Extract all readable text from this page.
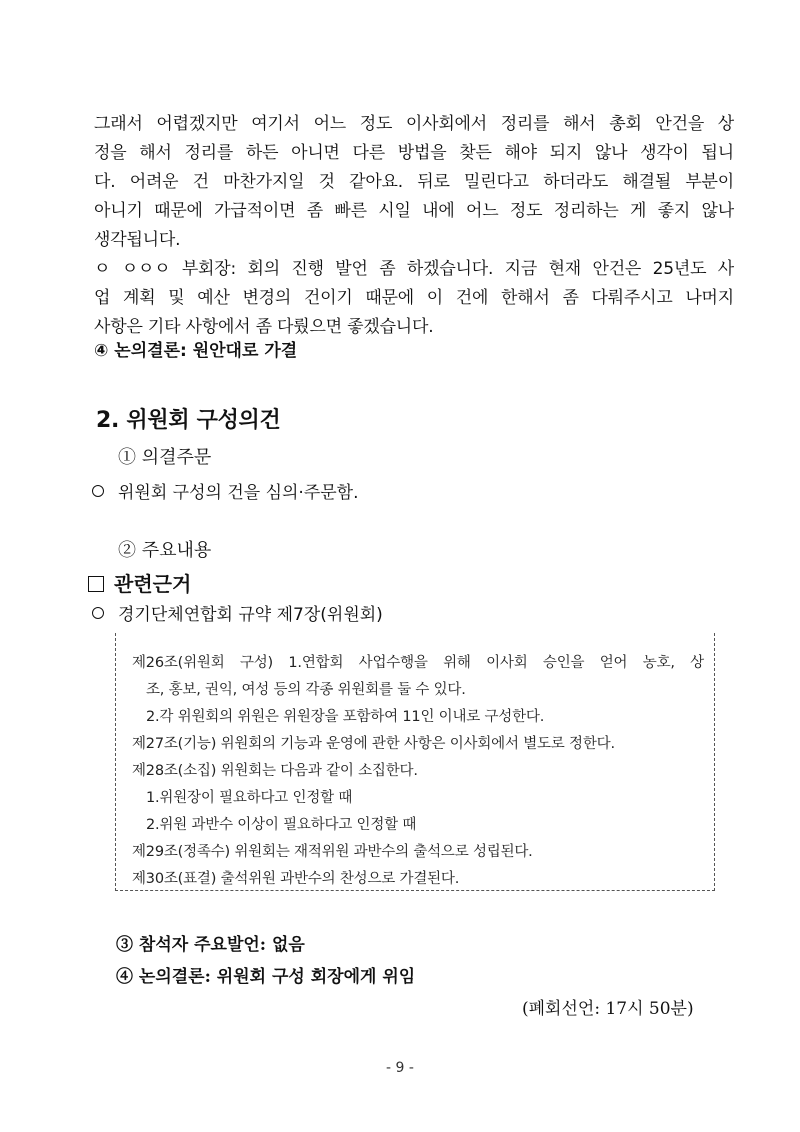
그래서 어렵겠지만 여기서 어느 정도 이사회에서 정리를 해서 총회 안건을 상
정을 해서 정리를 하든 아니면 다른 방법을 찾든 해야 되지 않나 생각이 됩니
다. 어려운 건 마찬가지일 것 같아요. 뒤로 밀린다고 하더라도 해결될 부분이
아니기 때문에 가급적이면 좀 빠른 시일 내에 어느 정도 정리하는 게 좋지 않나
생각됩니다.
ㅇ ㅇㅇㅇ 부회장: 회의 진행 발언 좀 하겠습니다. 지금 현재 안건은 25년도 사
업 계획 및 예산 변경의 건이기 때문에 이 건에 한해서 좀 다뤄주시고 나머지
사항은 기타 사항에서 좀 다뤘으면 좋겠습니다.
④ 논의결론: 원안대로 가결
2. 위원회 구성의건
① 의결주문
위원회 구성의 건을 심의·주문함.
② 주요내용
관련근거
경기단체연합회 규약 제7장(위원회)
제26조(위원회 구성) 1.연합회 사업수행을 위해 이사회 승인을 얻어 농호, 상
조, 홍보, 권익, 여성 등의 각종 위원회를 둘 수 있다.
2.각 위원회의 위원은 위원장을 포함하여 11인 이내로 구성한다.
제27조(기능) 위원회의 기능과 운영에 관한 사항은 이사회에서 별도로 정한다.
제28조(소집) 위원회는 다음과 같이 소집한다.
1.위원장이 필요하다고 인정할 때
2.위원 과반수 이상이 필요하다고 인정할 때
제29조(정족수) 위원회는 재적위원 과반수의 출석으로 성립된다.
제30조(표결) 출석위원 과반수의 찬성으로 가결된다.
③ 참석자 주요발언: 없음
④ 논의결론: 위원회 구성 회장에게 위임
(폐회선언: 17시 50분)
- 9 -
